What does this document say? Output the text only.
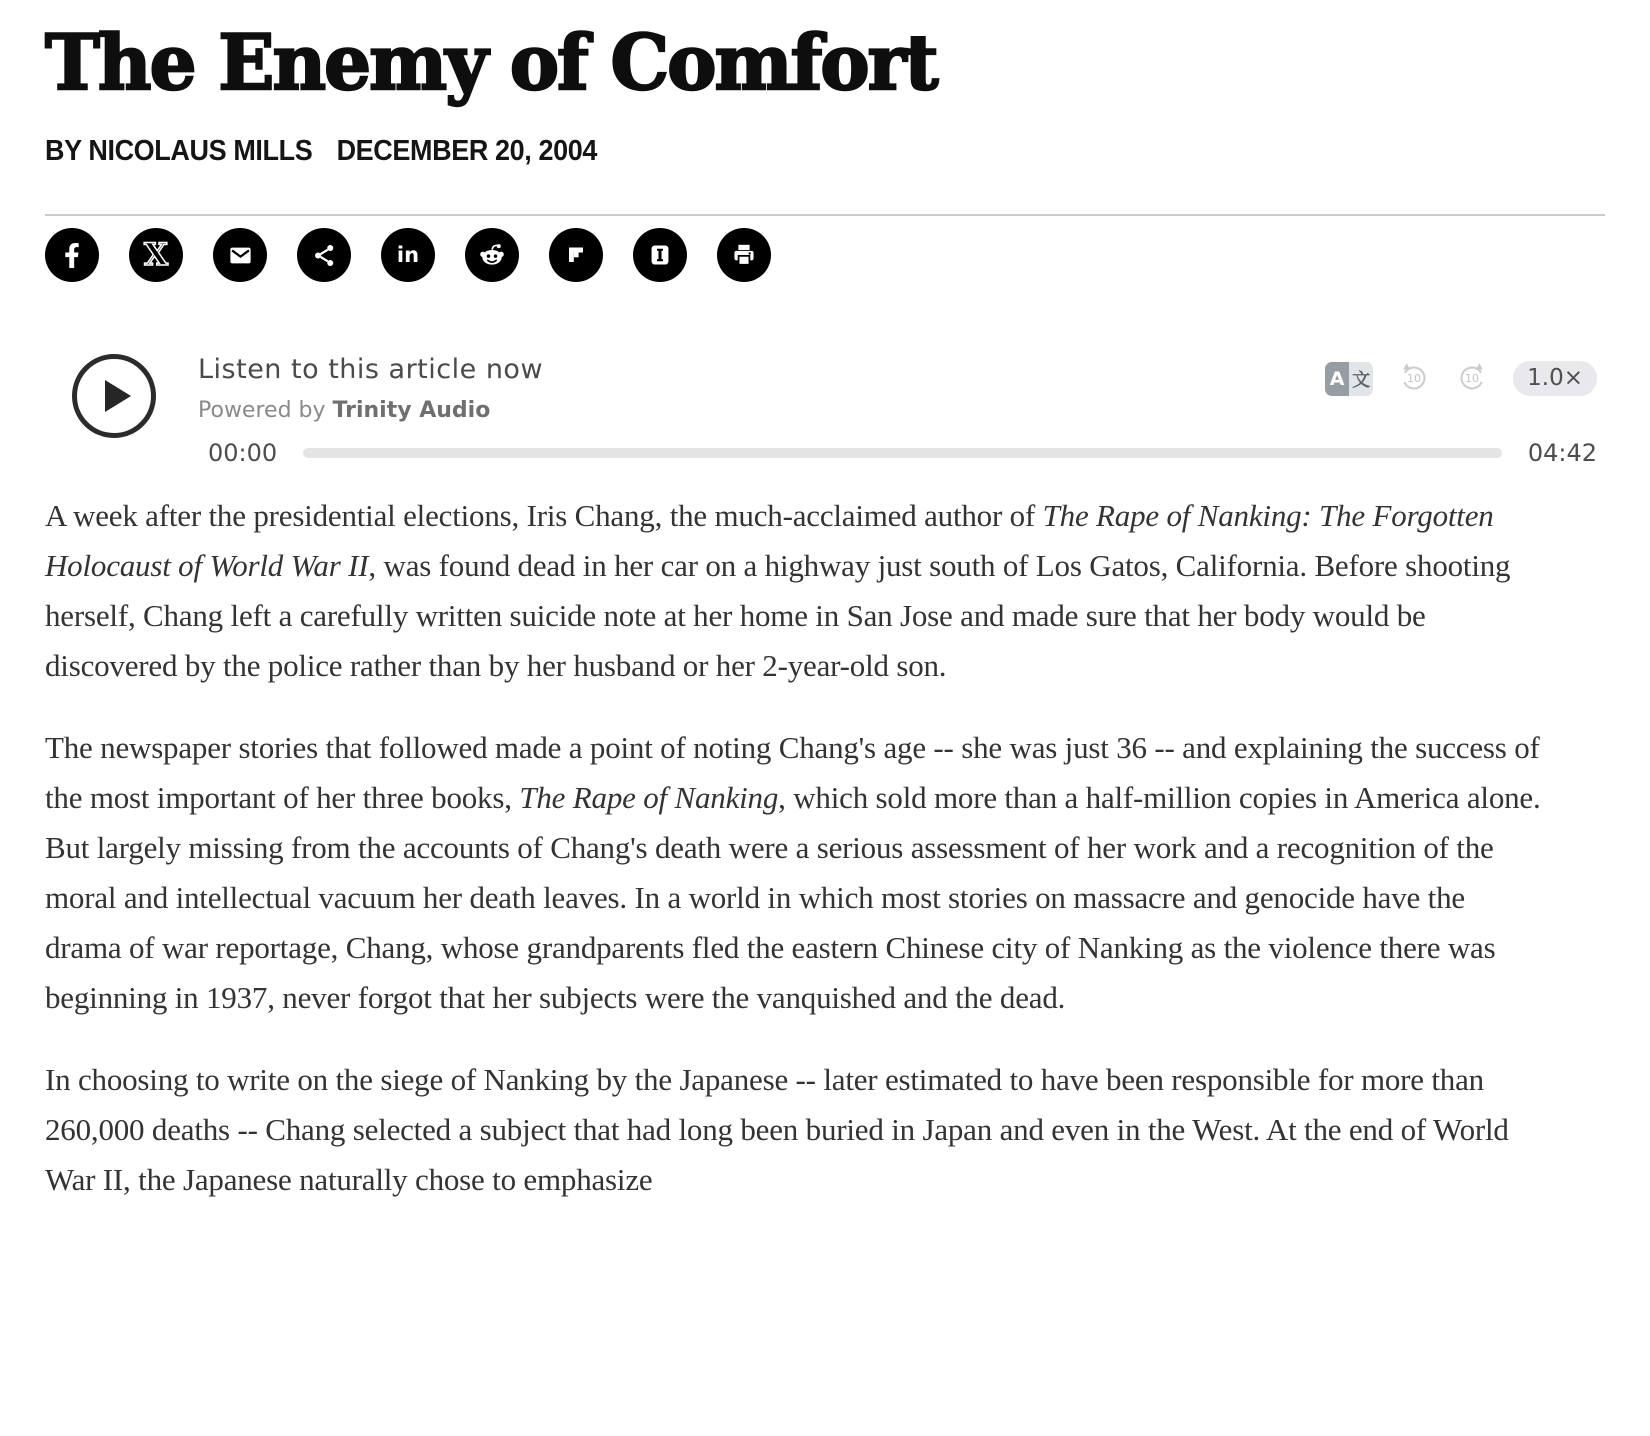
The Enemy of Comfort
BY NICOLAUS MILLS DECEMBER 20, 2004
X	in
Listen to this article now
Powered by Trinity Audio
A 文	10	10	1.0×
00:00	04:42

A week after the presidential elections, Iris Chang, the much-acclaimed author of The Rape of Nanking: The Forgotten Holocaust of World War II, was found dead in her car on a highway just south of Los Gatos, California. Before shooting herself, Chang left a carefully written suicide note at her home in San Jose and made sure that her body would be discovered by the police rather than by her husband or her 2-year-old son.

The newspaper stories that followed made a point of noting Chang's age -- she was just 36 -- and explaining the success of the most important of her three books, The Rape of Nanking, which sold more than a half-million copies in America alone. But largely missing from the accounts of Chang's death were a serious assessment of her work and a recognition of the moral and intellectual vacuum her death leaves. In a world in which most stories on massacre and genocide have the drama of war reportage, Chang, whose grandparents fled the eastern Chinese city of Nanking as the violence there was beginning in 1937, never forgot that her subjects were the vanquished and the dead.

In choosing to write on the siege of Nanking by the Japanese -- later estimated to have been responsible for more than 260,000 deaths -- Chang selected a subject that had long been buried in Japan and even in the West. At the end of World War II, the Japanese naturally chose to emphasize
